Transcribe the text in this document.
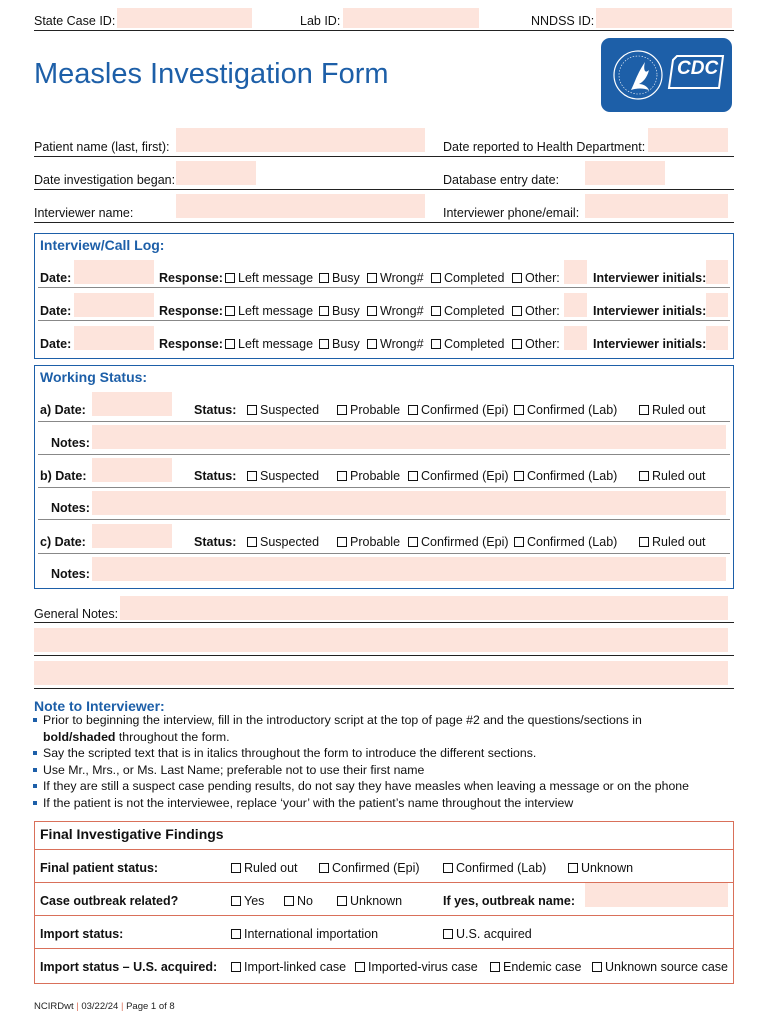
State Case ID:	Lab ID:	NNDSS ID:
Measles Investigation Form	CDC
Patient name (last, first):	Date reported to Health Department:
Date investigation began:	Database entry date:
Interviewer name:	Interviewer phone/email:
Interview/Call Log:
Date:	Response:	Left message	Busy	Wrong#	Completed	Other:	Interviewer initials:
Date:	Response:	Left message	Busy	Wrong#	Completed	Other:	Interviewer initials:
Date:	Response:	Left message	Busy	Wrong#	Completed	Other:	Interviewer initials:
Working Status:
a) Date:	Status:	Suspected	Probable	Confirmed (Epi)	Confirmed (Lab)	Ruled out
Notes:
b) Date:	Status:	Suspected	Probable	Confirmed (Epi)	Confirmed (Lab)	Ruled out
Notes:
c) Date:	Status:	Suspected	Probable	Confirmed (Epi)	Confirmed (Lab)	Ruled out
Notes:
General Notes:
Note to Interviewer:
Prior to beginning the interview, fill in the introductory script at the top of page #2 and the questions/sections in
bold/shaded throughout the form.
Say the scripted text that is in italics throughout the form to introduce the different sections.
Use Mr., Mrs., or Ms. Last Name; preferable not to use their first name
If they are still a suspect case pending results, do not say they have measles when leaving a message or on the phone
If the patient is not the interviewee, replace ‘your’ with the patient’s name throughout the interview
Final Investigative Findings
Final patient status:	Ruled out	Confirmed (Epi)	Confirmed (Lab)	Unknown
Case outbreak related?	Yes	No	Unknown	If yes, outbreak name:
Import status:	International importation	U.S. acquired
Import status – U.S. acquired:	Import-linked case	Imported-virus case	Endemic case	Unknown source case
NCIRDwt | 03/22/24 | Page 1 of 8
